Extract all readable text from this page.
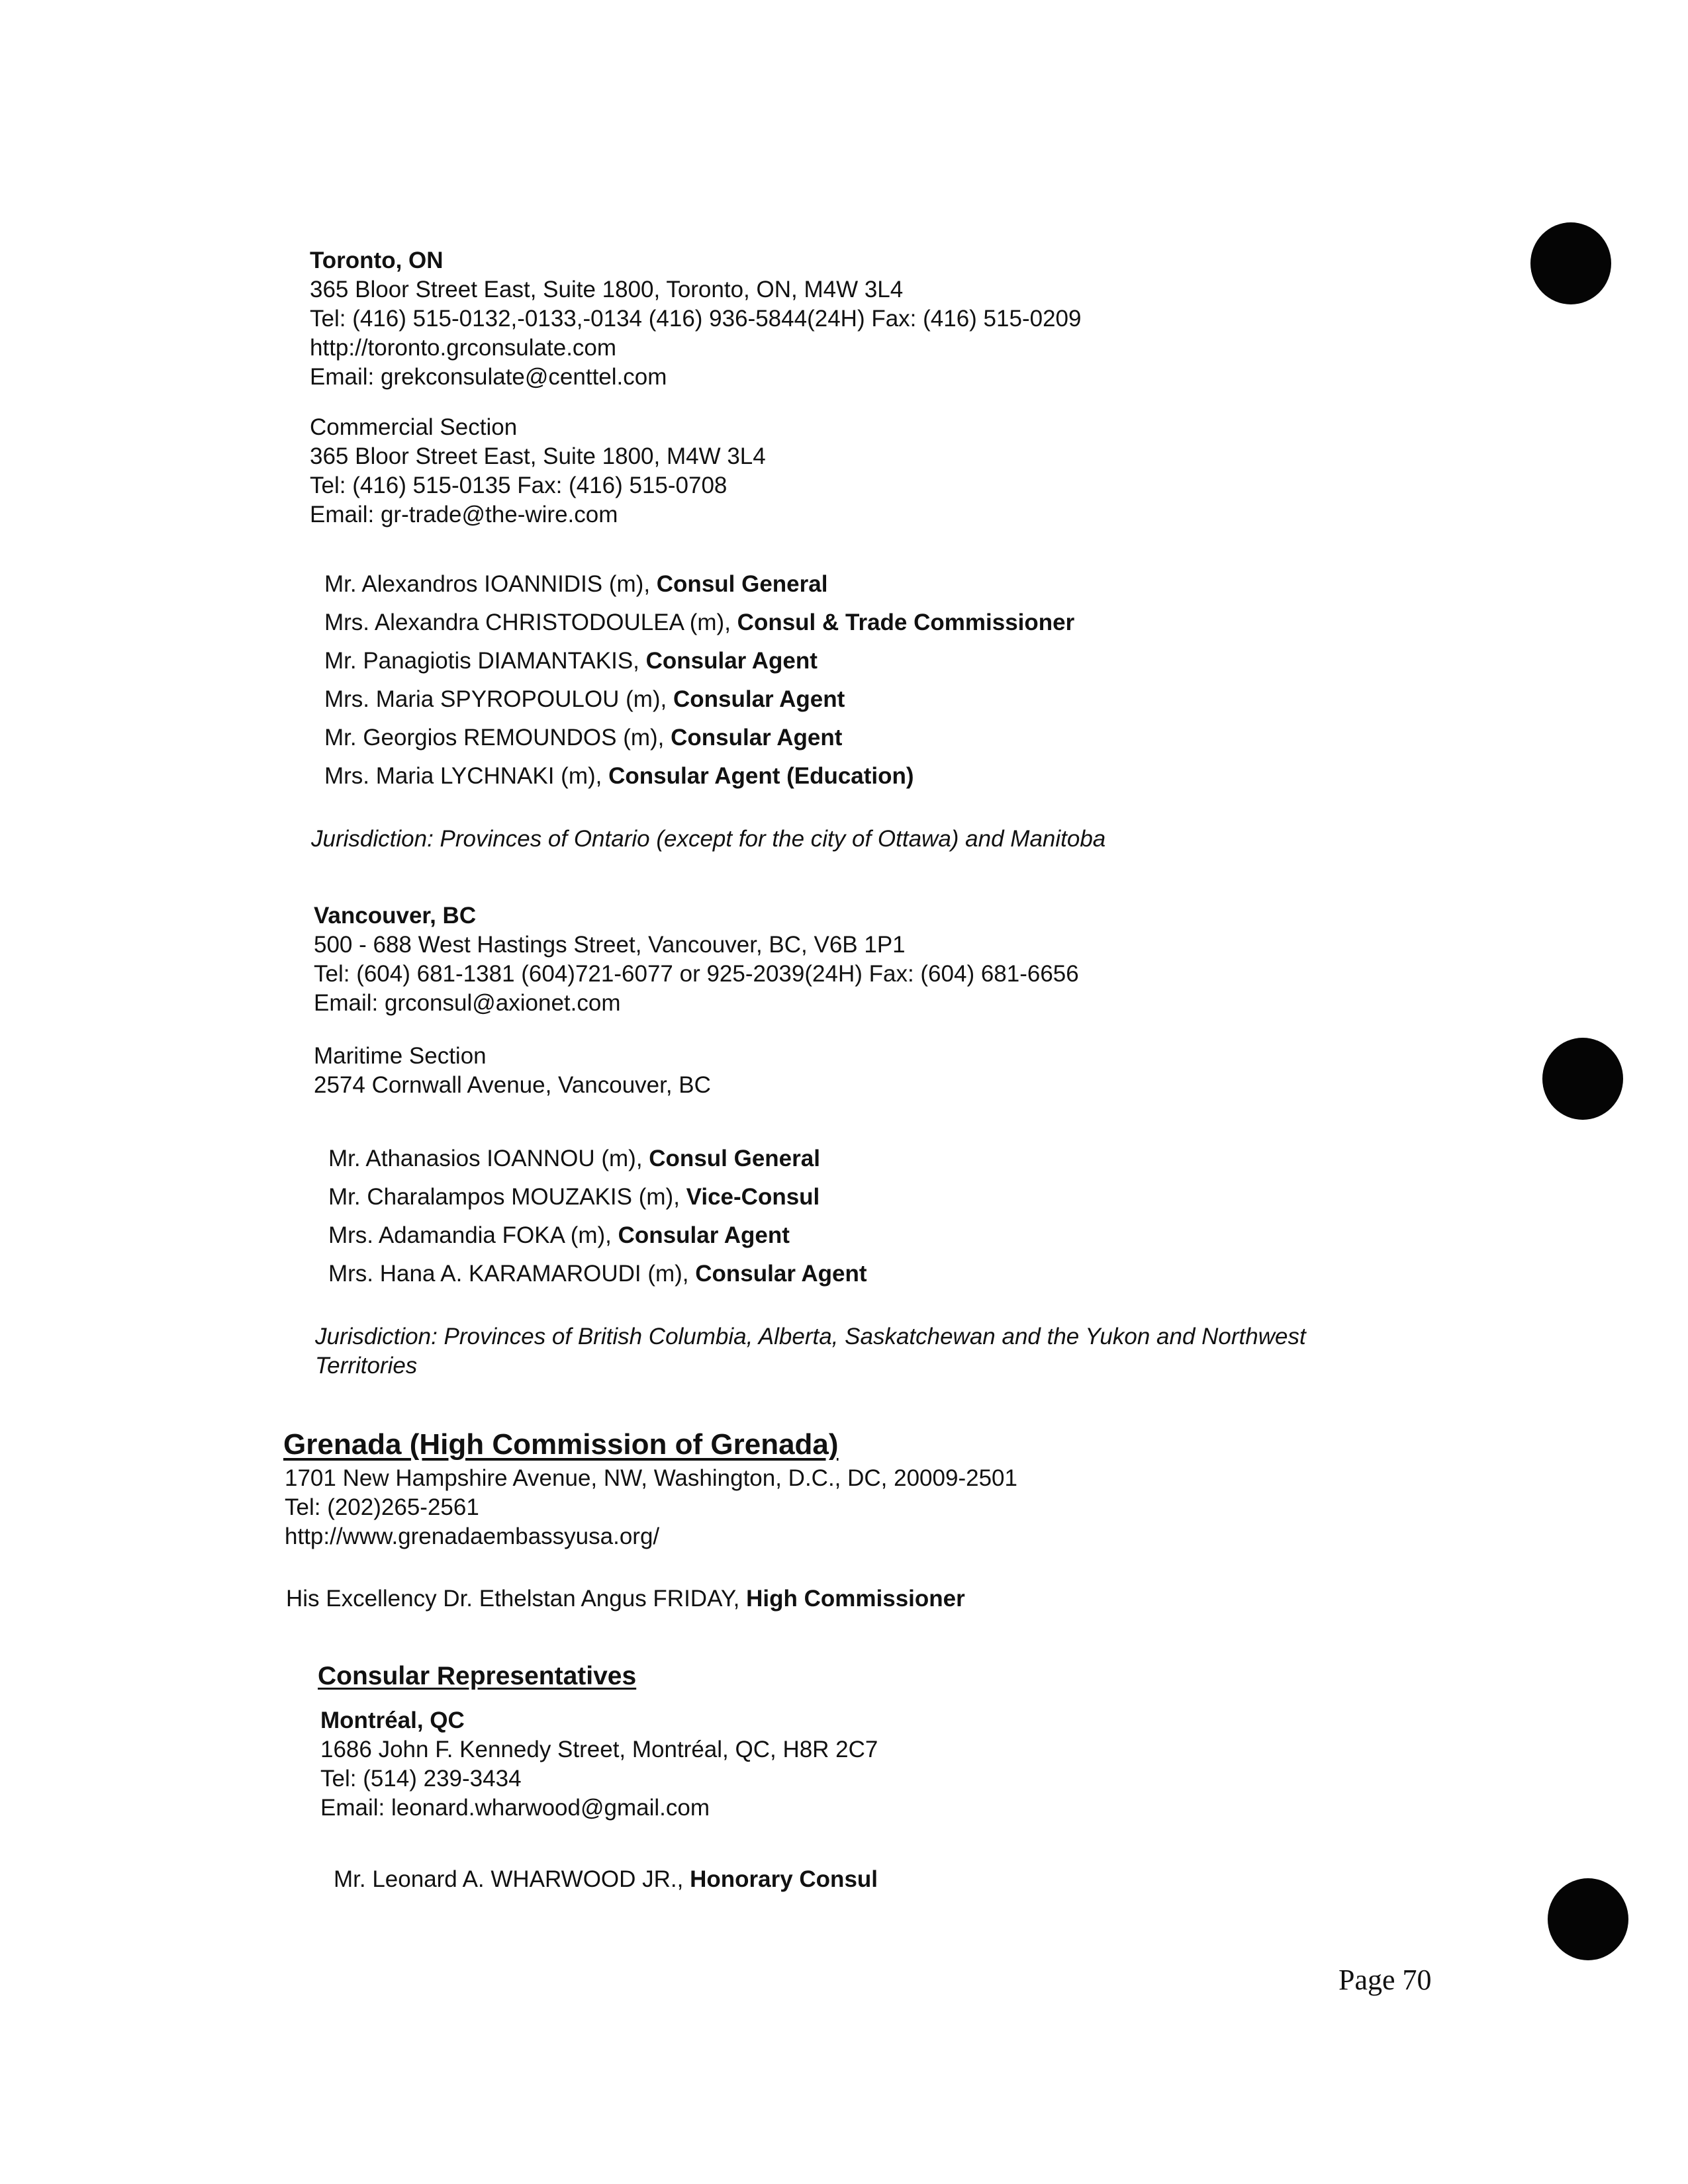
Toronto, ON
365 Bloor Street East, Suite 1800, Toronto, ON, M4W 3L4
Tel: (416) 515-0132,-0133,-0134 (416) 936-5844(24H) Fax: (416) 515-0209
http://toronto.grconsulate.com
Email: grekconsulate@centtel.com
Commercial Section
365 Bloor Street East, Suite 1800, M4W 3L4
Tel: (416) 515-0135 Fax: (416) 515-0708
Email: gr-trade@the-wire.com
Mr. Alexandros IOANNIDIS (m), Consul General
Mrs. Alexandra CHRISTODOULEA (m), Consul & Trade Commissioner
Mr. Panagiotis DIAMANTAKIS, Consular Agent
Mrs. Maria SPYROPOULOU (m), Consular Agent
Mr. Georgios REMOUNDOS (m), Consular Agent
Mrs. Maria LYCHNAKI (m), Consular Agent (Education)
Jurisdiction: Provinces of Ontario (except for the city of Ottawa) and Manitoba
Vancouver, BC
500 - 688 West Hastings Street, Vancouver, BC, V6B 1P1
Tel: (604) 681-1381 (604)721-6077 or 925-2039(24H) Fax: (604) 681-6656
Email: grconsul@axionet.com
Maritime Section
2574 Cornwall Avenue, Vancouver, BC
Mr. Athanasios IOANNOU (m), Consul General
Mr. Charalampos MOUZAKIS (m), Vice-Consul
Mrs. Adamandia FOKA (m), Consular Agent
Mrs. Hana A. KARAMAROUDI (m), Consular Agent
Jurisdiction: Provinces of British Columbia, Alberta, Saskatchewan and the Yukon and Northwest
Territories
Grenada (High Commission of Grenada)
1701 New Hampshire Avenue, NW, Washington, D.C., DC, 20009-2501
Tel: (202)265-2561
http://www.grenadaembassyusa.org/
His Excellency Dr. Ethelstan Angus FRIDAY, High Commissioner
Consular Representatives
Montréal, QC
1686 John F. Kennedy Street, Montréal, QC, H8R 2C7
Tel: (514) 239-3434
Email: leonard.wharwood@gmail.com
Mr. Leonard A. WHARWOOD JR., Honorary Consul
Page 70
